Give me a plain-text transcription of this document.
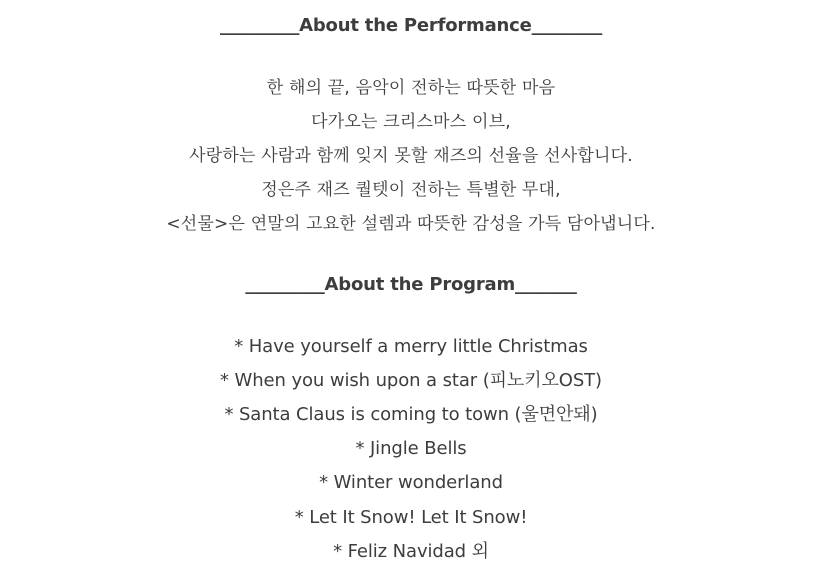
_________About the Performance________
한 해의 끝, 음악이 전하는 따뜻한 마음
다가오는 크리스마스 이브,
사랑하는 사람과 함께 잊지 못할 재즈의 선율을 선사합니다.
정은주 재즈 퀄텟이 전하는 특별한 무대,
<선물>은 연말의 고요한 설렘과 따뜻한 감성을 가득 담아냅니다.
_________About the Program_______
* Have yourself a merry little Christmas
* When you wish upon a star (피노키오OST)
* Santa Claus is coming to town (울면안돼)
* Jingle Bells
* Winter wonderland
* Let It Snow! Let It Snow!
* Feliz Navidad 외
